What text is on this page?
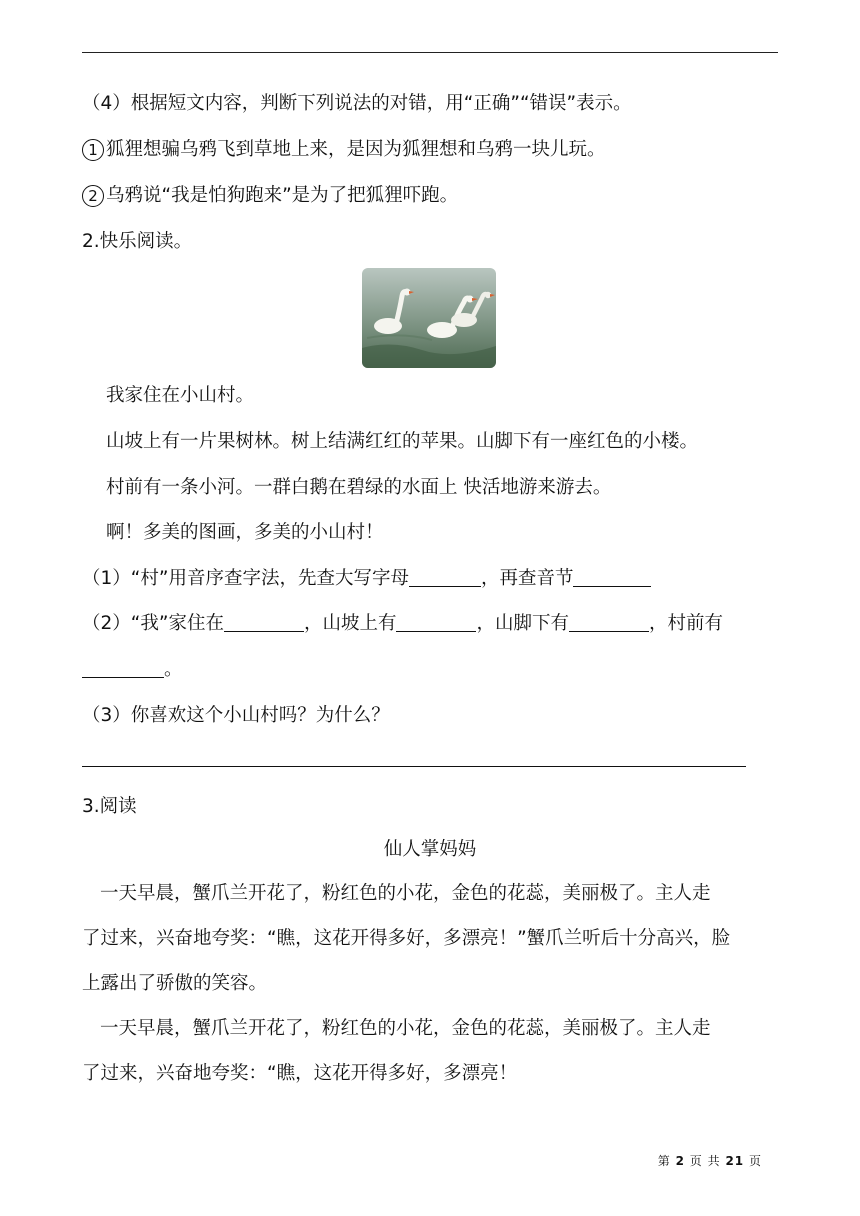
（4）根据短文内容，判断下列说法的对错，用“正确”“错误”表示。
1 狐狸想骗乌鸦飞到草地上来，是因为狐狸想和乌鸦一块儿玩。
2 乌鸦说“我是怕狗跑来”是为了把狐狸吓跑。
2.快乐阅读。
我家住在小山村。
山坡上有一片果树林。树上结满红红的苹果。山脚下有一座红色的小楼。
村前有一条小河。一群白鹅在碧绿的水面上 快活地游来游去。
啊！多美的图画，多美的小山村！
（1）“村”用音序查字法，先查大写字母	，再查音节
（2）“我”家住在	，山坡上有	，山脚下有	，村前有
。
（3）你喜欢这个小山村吗？为什么？
3.阅读
仙人掌妈妈
一天早晨，蟹爪兰开花了，粉红色的小花，金色的花蕊，美丽极了。主人走
了过来，兴奋地夸奖：“瞧，这花开得多好，多漂亮！”蟹爪兰听后十分高兴，脸
上露出了骄傲的笑容。
一天早晨，蟹爪兰开花了，粉红色的小花，金色的花蕊，美丽极了。主人走
了过来，兴奋地夸奖：“瞧，这花开得多好，多漂亮！
第 2 页 共 21 页
